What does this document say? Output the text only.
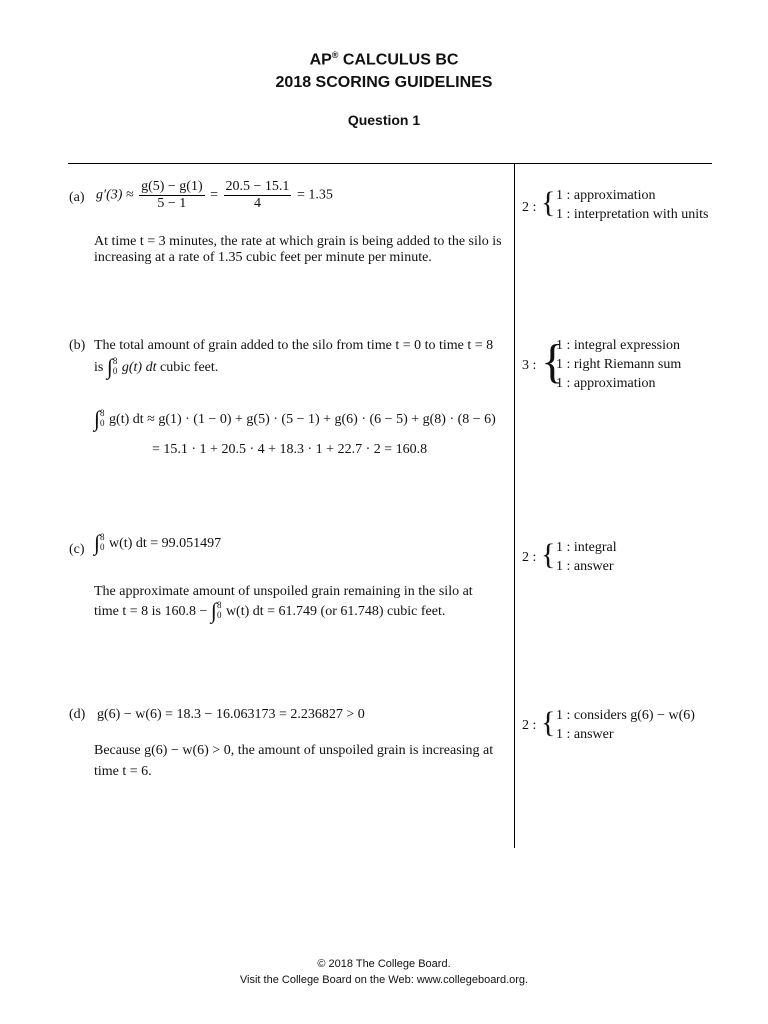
AP® CALCULUS BC
2018 SCORING GUIDELINES
Question 1
(a) $g'(3) \approx \frac{g(5) - g(1)}{5 - 1} = \frac{20.5 - 15.1}{4} = 1.35$
At time t = 3 minutes, the rate at which grain is being added to the silo is
increasing at a rate of 1.35 cubic feet per minute per minute.
(b) The total amount of grain added to the silo from time t = 0 to time t = 8
is ∫ 8
0 g(t) dt cubic feet.
∫ 8
0 g(t) dt ≈ g(1) · (1 − 0) + g(5) · (5 − 1) + g(6) · (6 − 5) + g(8) · (8 − 6)
= 15.1 · 1 + 20.5 · 4 + 18.3 · 1 + 22.7 · 2 = 160.8
(c) ∫ 8
0 w(t) dt = 99.051497
The approximate amount of unspoiled grain remaining in the silo at
time t = 8 is 160.8 − ∫ 8
0 w(t) dt = 61.749 (or 61.748) cubic feet.
(d) g(6) − w(6) = 18.3 − 16.063173 = 2.236827 > 0
Because g(6) − w(6) > 0, the amount of unspoiled grain is increasing at
time t = 6.
2 : { 1 : approximation
1 : interpretation with units
3 : {
1 : integral expression
1 : right Riemann sum
1 : approximation
2 : { 1 : integral
1 : answer
2 : { 1 : considers g(6) − w(6)
1 : answer
© 2018 The College Board.
Visit the College Board on the Web: www.collegeboard.org.
